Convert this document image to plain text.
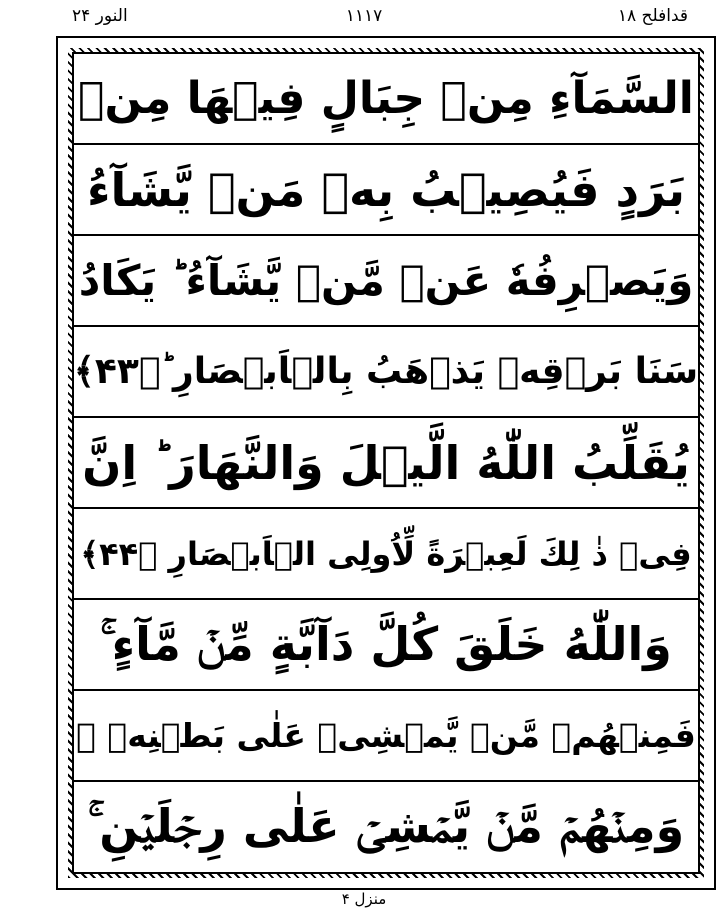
النور ۲۴	۱۱۱۷	قدافلح ۱۸
السَّمَآءِ مِنۡ جِبَالٍ فِيۡهَا مِنۡ
بَرَدٍ فَيُصِيۡبُ بِهٖ مَنۡ يَّشَآءُ
وَيَصۡرِفُهٗ عَنۡ مَّنۡ يَّشَآءُ ؕ يَكَادُ
سَنَا بَرۡقِهٖ يَذۡهَبُ بِالۡاَبۡصَارِ ؕ﴿۴۳﴾
يُقَلِّبُ اللّٰهُ الَّيۡلَ وَالنَّهَارَ ؕ اِنَّ
فِىۡ ذٰ لِكَ لَعِبۡرَةً لِّاُولِى الۡاَبۡصَارِ ﴿۴۴﴾
وَاللّٰهُ خَلَقَ كُلَّ دَآبَّةٍ مِّنۡ مَّآءٍ ۚ
فَمِنۡهُمۡ مَّنۡ يَّمۡشِىۡ عَلٰى بَطۡنِهٖ ۚ
وَمِنۡهُمۡ مَّنۡ يَّمۡشِىۡ عَلٰى رِجۡلَيۡنِ ۚ
منزل ۴
